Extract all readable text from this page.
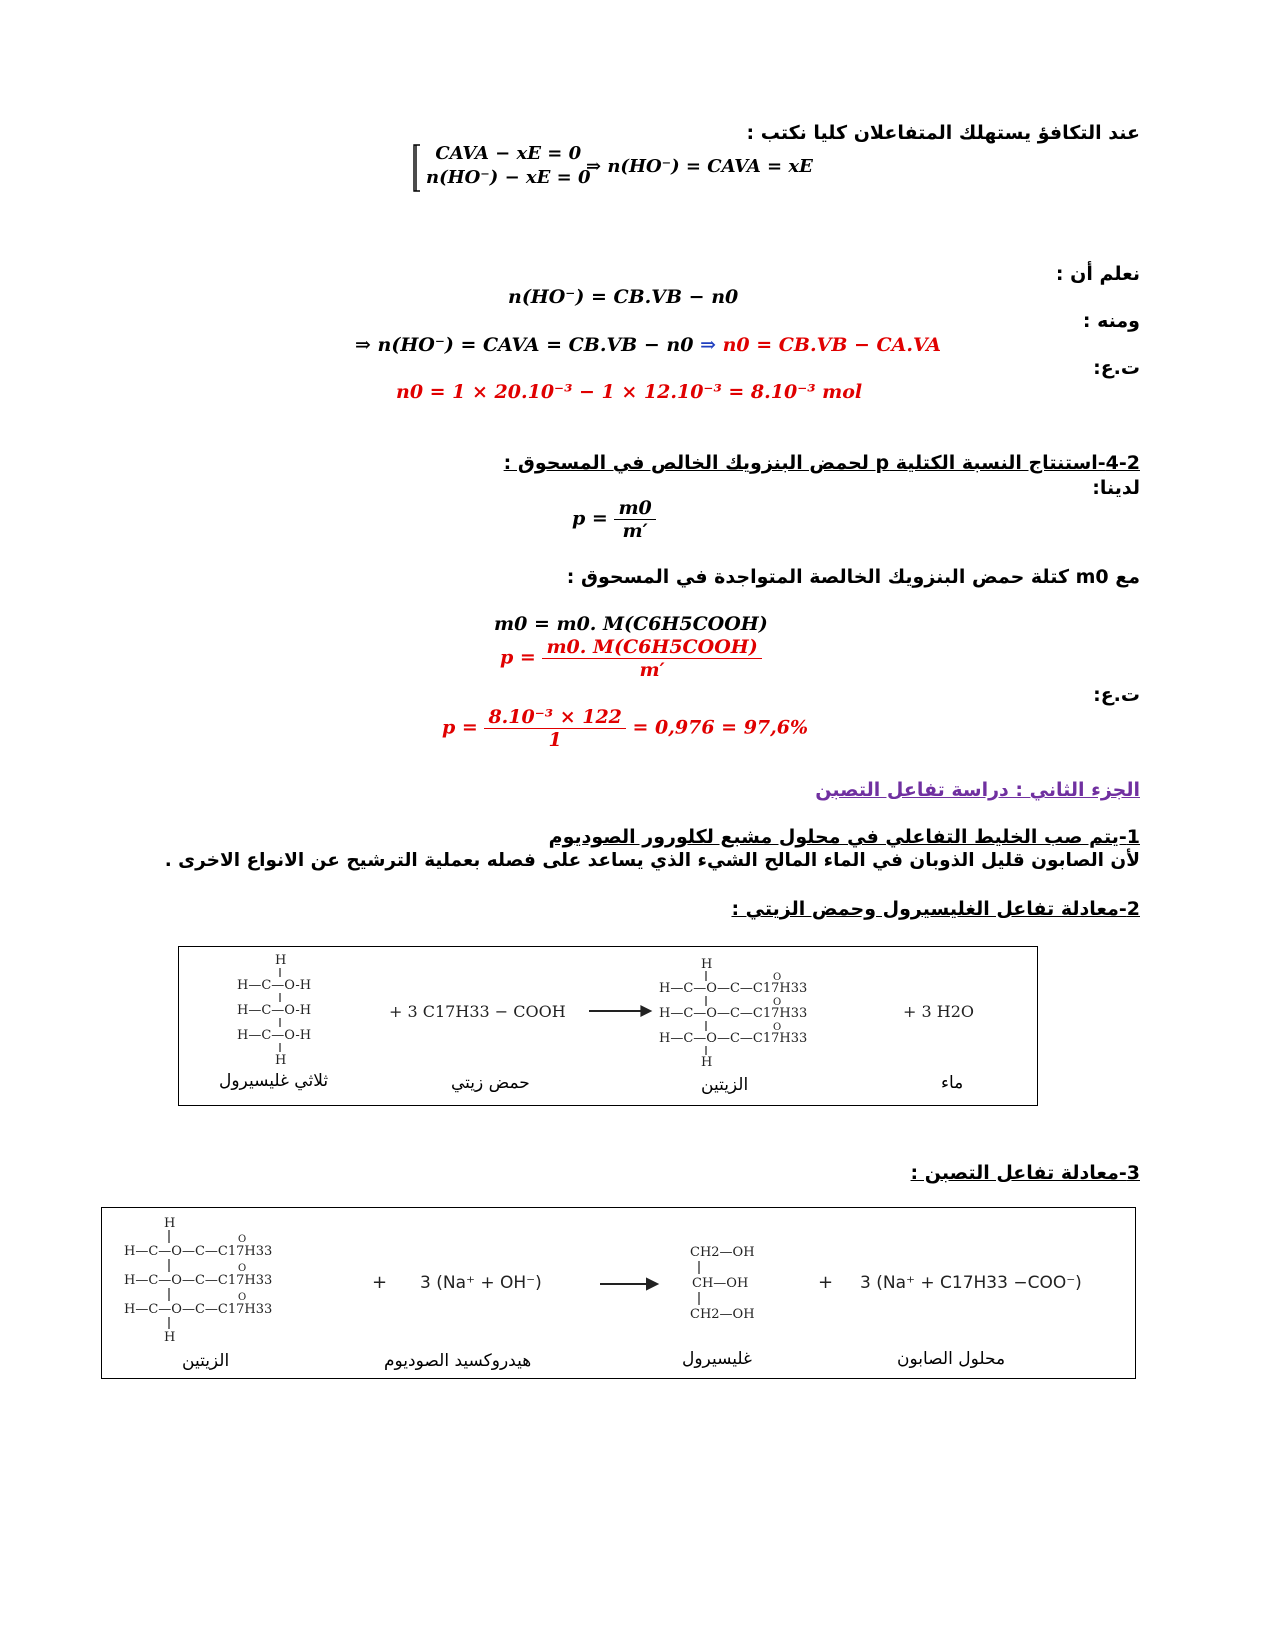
عند التكافؤ يستهلك المتفاعلان كليا نكتب :
CAVA − xE = 0
n(HO⁻) − xE = 0
⇒ n(HO⁻) = CAVA = xE
نعلم أن :
n(HO⁻) = CB.VB − n0
ومنه :
⇒ n(HO⁻) = CAVA = CB.VB − n0 ⇒ n0 = CB.VB − CA.VA
ت.ع:
n0 = 1 × 20.10⁻³ − 1 × 12.10⁻³ = 8.10⁻³ mol
4-2-استنتاج النسبة الكتلية p لحمض البنزويك الخالص في المسحوق :
لدينا:
$p = \frac{m0}{m'}$
مع m0 كتلة حمض البنزويك الخالصة المتواجدة في المسحوق :
m0 = m0. M(C6H5COOH)
$p = \frac{\text{m0. M(C6H5COOH)}}{m'}$
ت.ع:
$p = \frac{\text{8.10⁻³ × 122}}{1} = 0,976 = 97,6\%$
الجزء الثاني : دراسة تفاعل التصبن
1-يتم صب الخليط التفاعلي في محلول مشبع لكلورور الصوديوم
لأن الصابون قليل الذوبان في الماء المالح الشيء الذي يساعد على فصله بعملية الترشيح عن الانواع الاخرى .
2-معادلة تفاعل الغليسيرول وحمض الزيتي :
H
H—C—O-H
H—C—O-H
H—C—O-H
H
+ 3 C17H33 − COOH
H
H—C—O—C—C17H33
H—C—O—C—C17H33
H—C—O—C—C17H33
H
O
O
O
+ 3 H2O
ثلاثي غليسيرول	حمض زيتي	الزيتين	ماء
3-معادلة تفاعل التصبن :
H
H—C—O—C—C17H33
H—C—O—C—C17H33
H—C—O—C—C17H33
H
O
O
O
+ 3 (Na⁺ + OH⁻)
CH2—OH
CH—OH
CH2—OH
+ 3 (Na⁺ + C17H33 −COO⁻)
الزيتين	هيدروكسيد الصوديوم	غليسيرول	محلول الصابون
